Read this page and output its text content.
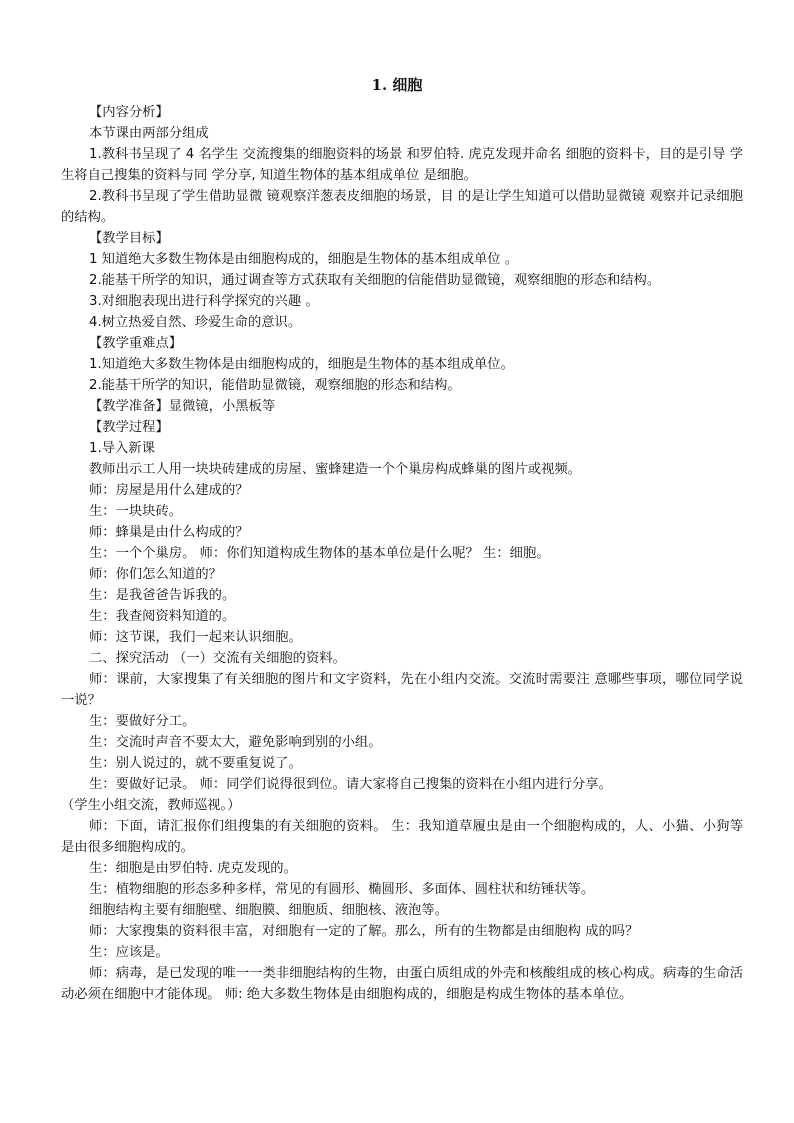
1. 细胞

【内容分析】

本节课由两部分组成

1.教科书呈现了 4 名学生 交流搜集的细胞资料的场景 和罗伯特. 虎克发现并命名 细胞的资料卡，目的是引导 学生将自己搜集的资料与同 学分享, 知道生物体的基本组成单位 是细胞。

2.教科书呈现了学生借助显微 镜观察洋葱表皮细胞的场景，目 的是让学生知道可以借助显微镜 观察并记录细胞的结构。

【教学目标】

1 知道绝大多数生物体是由细胞构成的，细胞是生物体的基本组成单位 。

2.能基干所学的知识，通过调查等方式获取有关细胞的信能借助显微镜，观察细胞的形态和结构。

3.对细胞表现出进行科学探究的兴趣 。

4.树立热爱自然、珍爱生命的意识。

【教学重难点】

1.知道绝大多数生物体是由细胞构成的，细胞是生物体的基本组成单位。

2.能基干所学的知识，能借助显微镜，观察细胞的形态和结构。

【教学准备】显微镜，小黑板等

【教学过程】

1.导入新课

教师出示工人用一块块砖建成的房屋、蜜蜂建造一个个巢房构成蜂巢的图片或视频。

师：房屋是用什么建成的？

生：一块块砖。

师：蜂巢是由什么构成的？

生：一个个巢房。 师：你们知道构成生物体的基本单位是什么呢？ 生：细胞。

师：你们怎么知道的？

生：是我爸爸告诉我的。

生：我查阅资料知道的。

师：这节课，我们一起来认识细胞。

二、探究活动 （一）交流有关细胞的资料。

师：课前，大家搜集了有关细胞的图片和文字资料，先在小组内交流。交流时需要注 意哪些事项，哪位同学说一说？

生：要做好分工。

生：交流时声音不要太大，避免影响到别的小组。

生：别人说过的，就不要重复说了。

生：要做好记录。 师：同学们说得很到位。请大家将自己搜集的资料在小组内进行分享。

（学生小组交流，教师巡视。）

师：下面，请汇报你们组搜集的有关细胞的资料。 生：我知道草履虫是由一个细胞构成的，人、小猫、小狗等是由很多细胞构成的。

生：细胞是由罗伯特. 虎克发现的。

生：植物细胞的形态多种多样，常见的有圆形、椭圆形、多面体、圆柱状和纺锤状等。

细胞结构主要有细胞壁、细胞膜、细胞质、细胞核、液泡等。

师：大家搜集的资料很丰富，对细胞有一定的了解。那么，所有的生物都是由细胞构 成的吗？

生：应该是。

师：病毒，是已发现的唯一一类非细胞结构的生物，由蛋白质组成的外壳和核酸组成的核心构成。病毒的生命活动必须在细胞中才能体现。 师: 绝大多数生物体是由细胞构成的，细胞是构成生物体的基本单位。
